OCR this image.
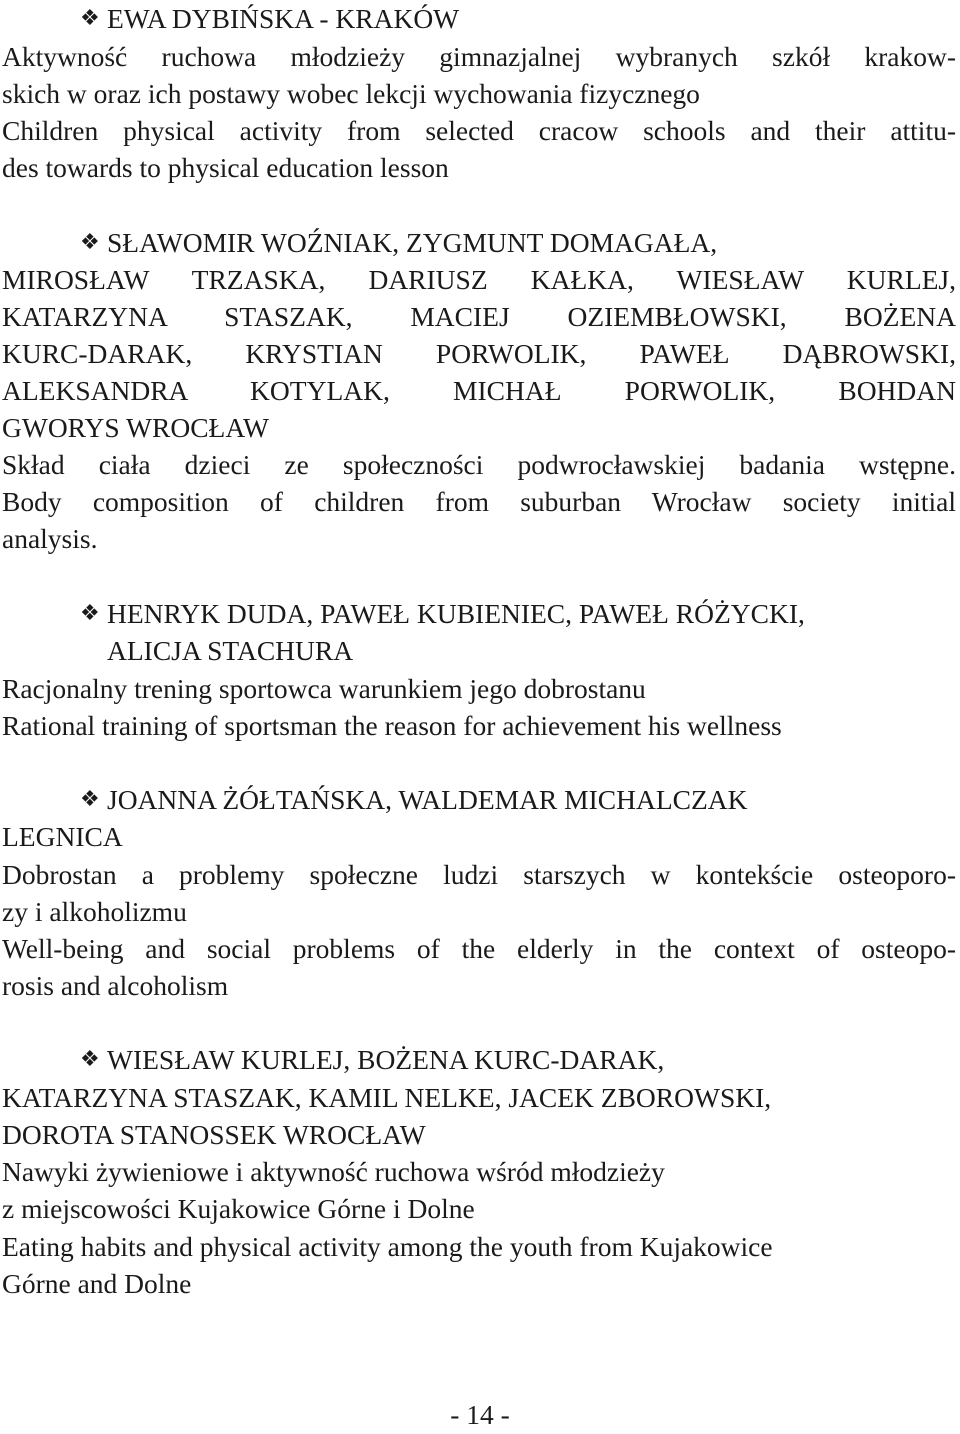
❖ EWA DYBIŃSKA - KRAKÓW
Aktywność ruchowa młodzieży gimnazjalnej wybranych szkół krakow-
skich w oraz ich postawy wobec lekcji wychowania fizycznego
Children physical activity from selected cracow schools and their attitu-
des towards to physical education lesson
❖ SŁAWOMIR WOŹNIAK, ZYGMUNT DOMAGAŁA,
MIROSŁAW TRZASKA, DARIUSZ KAŁKA, WIESŁAW KURLEJ,
KATARZYNA STASZAK, MACIEJ OZIEMBŁOWSKI, BOŻENA
KURC-DARAK, KRYSTIAN PORWOLIK, PAWEŁ DĄBROWSKI,
ALEKSANDRA KOTYLAK, MICHAŁ PORWOLIK, BOHDAN
GWORYS WROCŁAW
Skład ciała dzieci ze społeczności podwrocławskiej badania wstępne.
Body composition of children from suburban Wrocław society initial
analysis.
❖ HENRYK DUDA, PAWEŁ KUBIENIEC, PAWEŁ RÓŻYCKI,
ALICJA STACHURA
Racjonalny trening sportowca warunkiem jego dobrostanu
Rational training of sportsman the reason for achievement his wellness
❖ JOANNA ŻÓŁTAŃSKA, WALDEMAR MICHALCZAK
LEGNICA
Dobrostan a problemy społeczne ludzi starszych w kontekście osteoporo-
zy i alkoholizmu
Well-being and social problems of the elderly in the context of osteopo-
rosis and alcoholism
❖ WIESŁAW KURLEJ, BOŻENA KURC-DARAK,
KATARZYNA STASZAK, KAMIL NELKE, JACEK ZBOROWSKI,
DOROTA STANOSSEK WROCŁAW
Nawyki żywieniowe i aktywność ruchowa wśród młodzieży
z miejscowości Kujakowice Górne i Dolne
Eating habits and physical activity among the youth from Kujakowice
Górne and Dolne
- 14 -
